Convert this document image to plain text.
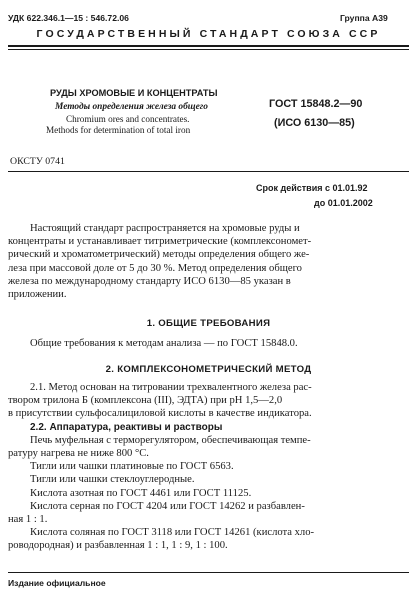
УДК 622.346.1—15 : 546.72.06	Группа А39
ГОСУДАРСТВЕННЫЙ СТАНДАРТ СОЮЗА ССР
РУДЫ ХРОМОВЫЕ И КОНЦЕНТРАТЫ
Методы определения железа общего
Chromium ores and concentrates.
Methods for determination of total iron
ГОСТ 15848.2—90
(ИСО 6130—85)
ОКСТУ 0741
Срок действия с 01.01.92
до 01.01.2002
Настоящий стандарт распространяется на хромовые руды и
концентраты и устанавливает титриметрические (комплексономет-
рический и хроматометрический) методы определения общего же-
леза при массовой доле от 5 до 30 %. Метод определения общего
железа по международному стандарту ИСО 6130—85 указан в
приложении.
1. ОБЩИЕ ТРЕБОВАНИЯ
Общие требования к методам анализа — по ГОСТ 15848.0.
2. КОМПЛЕКСОНОМЕТРИЧЕСКИЙ МЕТОД
2.1. Метод основан на титровании трехвалентного железа рас-
твором трилона Б (комплексона (III), ЭДТА) при pH 1,5—2,0
в присутствии сульфосалициловой кислоты в качестве индикатора.
2.2. Аппаратура, реактивы и растворы
Печь муфельная с терморегулятором, обеспечивающая темпе-
ратуру нагрева не ниже 800 °С.
Тигли или чашки платиновые по ГОСТ 6563.
Тигли или чашки стеклоуглеродные.
Кислота азотная по ГОСТ 4461 или ГОСТ 11125.
Кислота серная по ГОСТ 4204 или ГОСТ 14262 и разбавлен-
ная 1 : 1.
Кислота соляная по ГОСТ 3118 или ГОСТ 14261 (кислота хло-
роводородная) и разбавленная 1 : 1, 1 : 9, 1 : 100.
Издание официальное
